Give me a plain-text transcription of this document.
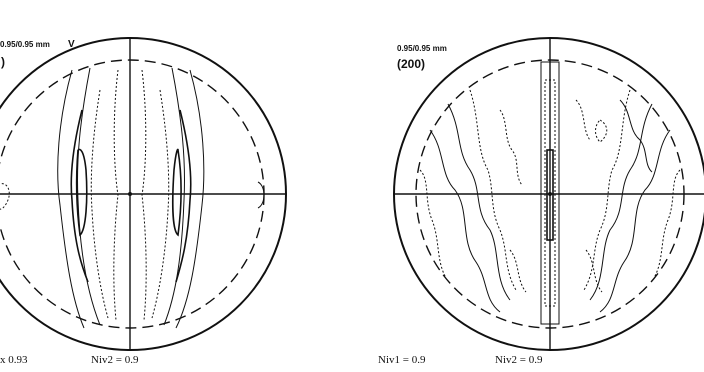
0.95/0.95 mm V
)
0.95/0.95 mm
(200)
x 0.93	Niv2 = 0.9	Niv1 = 0.9	Niv2 = 0.9
